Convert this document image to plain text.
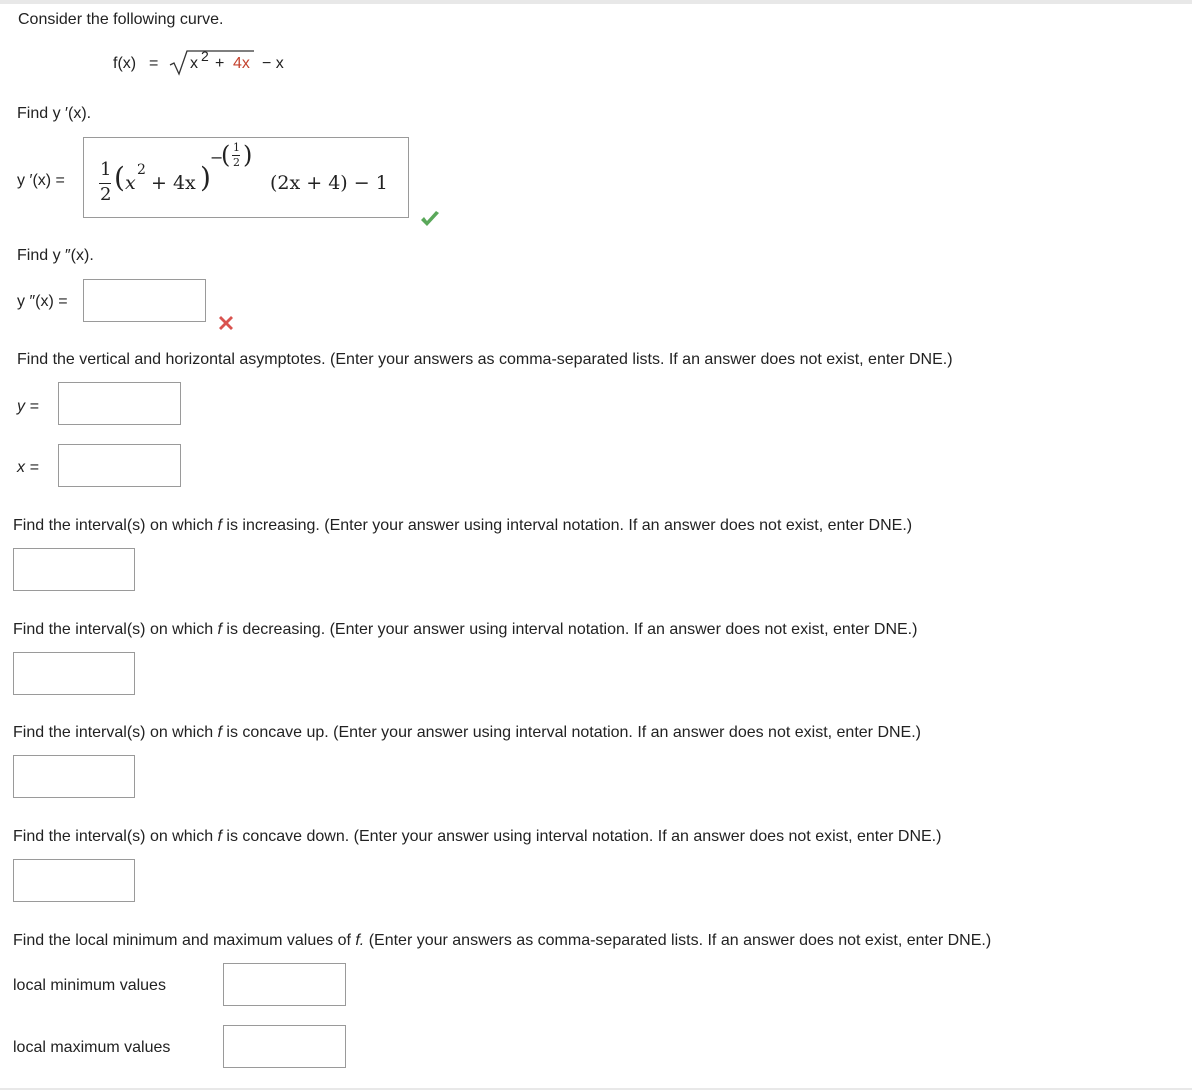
Consider the following curve.
f(x) = x 2 + 4x − x
Find y ′(x).
y ′(x) =
1
2
( x
2
+ 4x )
−
( 1
2 )
(2x + 4) − 1
Find y ″(x).
y ″(x) =
Find the vertical and horizontal asymptotes. (Enter your answers as comma-separated lists. If an answer does not exist, enter DNE.)
y =
x =
Find the interval(s) on which f is increasing. (Enter your answer using interval notation. If an answer does not exist, enter DNE.)
Find the interval(s) on which f is decreasing. (Enter your answer using interval notation. If an answer does not exist, enter DNE.)
Find the interval(s) on which f is concave up. (Enter your answer using interval notation. If an answer does not exist, enter DNE.)
Find the interval(s) on which f is concave down. (Enter your answer using interval notation. If an answer does not exist, enter DNE.)
Find the local minimum and maximum values of f. (Enter your answers as comma-separated lists. If an answer does not exist, enter DNE.)
local minimum values
local maximum values
